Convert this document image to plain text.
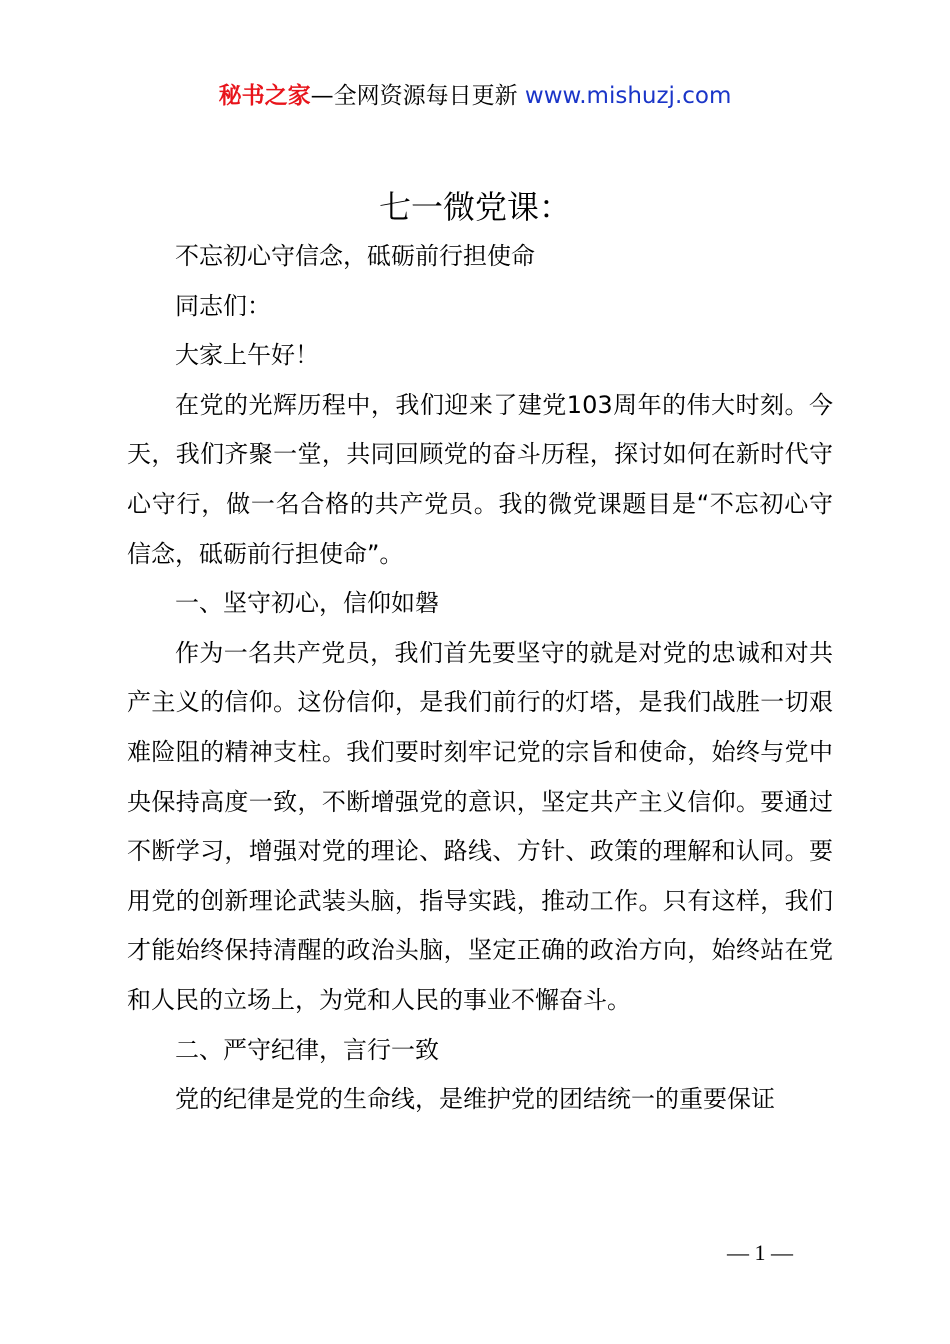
秘书之家—全网资源每日更新 www.mishuzj.com
七一微党课：

不忘初心守信念，砥砺前行担使命

同志们：

大家上午好！

在党的光辉历程中，我们迎来了建党103周年的伟大时刻。今天，我们齐聚一堂，共同回顾党的奋斗历程，探讨如何在新时代守心守行，做一名合格的共产党员。我的微党课题目是“不忘初心守信念，砥砺前行担使命”。

一、坚守初心，信仰如磐

作为一名共产党员，我们首先要坚守的就是对党的忠诚和对共产主义的信仰。这份信仰，是我们前行的灯塔，是我们战胜一切艰难险阻的精神支柱。我们要时刻牢记党的宗旨和使命，始终与党中央保持高度一致，不断增强党的意识，坚定共产主义信仰。要通过不断学习，增强对党的理论、路线、方针、政策的理解和认同。要用党的创新理论武装头脑，指导实践，推动工作。只有这样，我们才能始终保持清醒的政治头脑，坚定正确的政治方向，始终站在党和人民的立场上，为党和人民的事业不懈奋斗。

二、严守纪律，言行一致

党的纪律是党的生命线，是维护党的团结统一的重要保证

— 1 —
